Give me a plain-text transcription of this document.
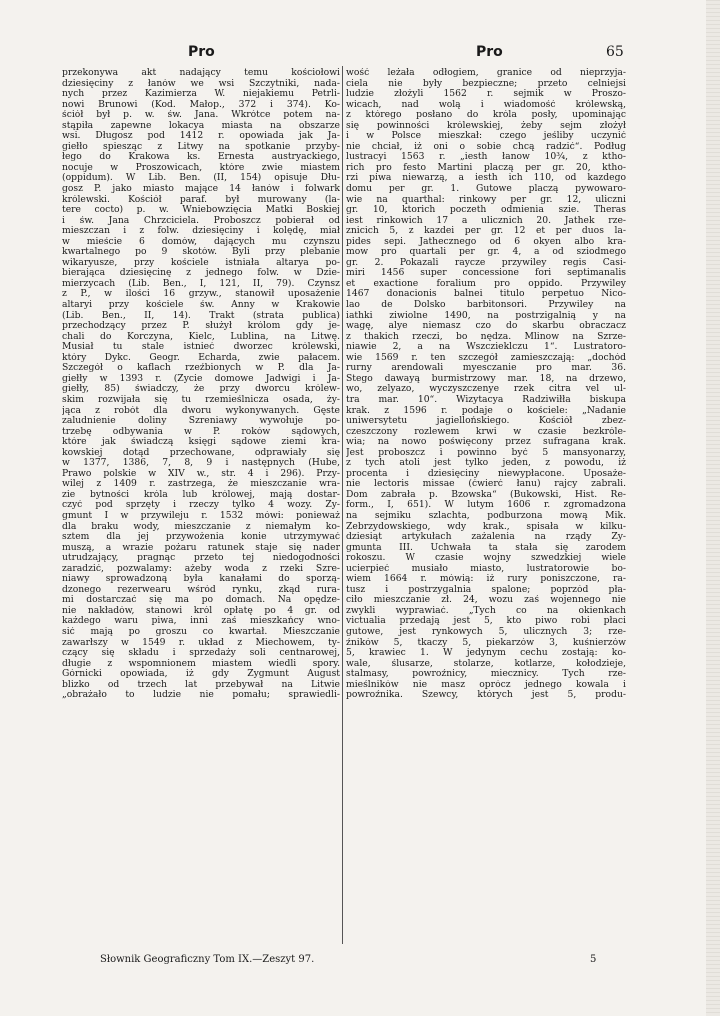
Pro	Pro	65
przekonywa akt nadający temu kościołowi
dziesięciny z łanów we wsi Szczytniki, nada-
nych przez Kazimierza W. niejakiemu Petrli-
nowi Brunowi (Kod. Małop., 372 i 374). Ko-
ściół był p. w. św. Jana. Wkrótce potem na-
stąpiła zapewne lokacya miasta na obszarze
wsi. Długosz pod 1412 r. opowiada jak Ja-
giełło spiesząc z Litwy na spotkanie przyby-
łego do Krakowa ks. Ernesta austryackiego,
nocuje w Proszowicach, które zwie miastem
(oppidum). W Lib. Ben. (II, 154) opisuje Dłu-
gosz P. jako miasto mające 14 łanów i folwark
królewski. Kościół paraf. był murowany (la-
tere cocto) p. w. Wniebowzięcia Matki Boskiej
i św. Jana Chrzciciela. Proboszcz pobierał od
mieszczan i z folw. dziesięciny i kolędę, miał
w mieście 6 domów, dających mu czynszu
kwartalnego po 9 skotów. Byli przy plebanie
wikaryusze, przy kościele istniała altarya po-
bierająca dziesięcinę z jednego folw. w Dzie-
mierzycach (Lib. Ben., I, 121, II, 79). Czynsz
z P., w ilości 16 grzyw., stanowił uposażenie
altaryi przy kościele św. Anny w Krakowie
(Lib. Ben., II, 14). Trakt (strata publica)
przechodzący przez P. służył królom gdy je-
chali do Korczyna, Kielc, Lublina, na Litwę.
Musiał tu stale istnieć dworzec królewski,
który Dykc. Geogr. Echarda, zwie pałacem.
Szczegół o kaflach rzeźbionych w P. dla Ja-
giełły w 1393 r. (Życie domowe Jadwigi i Ja-
giełły, 85) świadczy, że przy dworcu królew-
skim rozwijała się tu rzemieślnicza osada, ży-
jąca z robót dla dworu wykonywanych. Gęste
zaludnienie doliny Szreniawy wywołuje po-
trzebę odbywania w P. roków sądowych,
które jak świadczą księgi sądowe ziemi kra-
kowskiej dotąd przechowane, odprawiały się
w 1377, 1386, 7, 8, 9 i następnych (Hube,
Prawo polskie w XIV w., str. 4 i 296). Przy-
wilej z 1409 r. zastrzega, że mieszczanie wra-
zie bytności króla lub królowej, mają dostar-
czyć pod sprzęty i rzeczy tylko 4 wozy. Zy-
gmunt I w przywileju r. 1532 mówi: ponieważ
dla braku wody, mieszczanie z niemałym ko-
sztem dla jej przywożenia konie utrzymywać
muszą, a wrazie pożaru ratunek staje się nader
utrudzający, pragnąc przeto tej niedogodności
zaradzić, pozwalamy: ażeby woda z rzeki Szre-
niawy sprowadzoną była kanałami do sporzą-
dzonego rezerwearu wśród rynku, zkąd rura-
mi dostarczać się ma po domach. Na opędze-
nie nakładów, stanowi król opłatę po 4 gr. od
każdego waru piwa, inni zaś mieszkańcy wno-
sić mają po groszu co kwartał. Mieszczanie
zawarłszy w 1549 r. układ z Miechowem, ty-
czący się składu i sprzedaży soli centnarowej,
długie z wspomnionem miastem wiedli spory.
Górnicki opowiada, iż gdy Zygmunt August
blizko od trzech lat przebywał na Litwie
„obrażało to ludzie nie pomału; sprawiedli-
wość leżała odłogiem, granice od nieprzyja-
ciela nie były bezpieczne; przeto celniejsi
ludzie złożyli 1562 r. sejmik w Proszo-
wicach, nad wolą i wiadomość królewską,
z którego posłano do króla posły, upominając
się powinności królewskiej, żeby sejm złożył
i w Polsce mieszkał: czego jeśliby uczynić
nie chciał, iż oni o sobie chcą radzić“. Podług
lustracyi 1563 r. „iesth łanow 10¾, z ktho-
rich pro festo Martini placzą per gr. 20, ktho-
rzi piwa niewarzą, a iesth ich 110, od kazdego
domu per gr. 1. Gutowe placzą pywowaro-
wie na quarthal: rinkowy per gr. 12, uliczni
gr. 10, ktorich poczeth odmienia szie. Theras
iest rinkowich 17 a ulicznich 20. Jathek rze-
znicich 5, z kazdei per gr. 12 et per duos la-
pides sepi. Jathecznego od 6 okyen albo kra-
mow pro quartali per gr. 4, a od sziodmego
gr. 2. Pokazali raycze przywiley regis Casi-
miri 1456 super concessione fori septimanalis
et exactione foralium pro oppido. Przywiley
1467 donacionis balnei titulo perpetuo Nico-
lao de Dolsko barbitonsori. Przywiley na
iathki ziwiolne 1490, na postrzigalnią y na
wagę, alye niemasz czo do skarbu obraczacz
z thakich rzeczi, bo nędza. Mlinow na Szrze-
niawie 2, a na Wszczieklczu 1“. Lustratoro-
wie 1569 r. ten szczegół zamieszczają: „dochód
rurny arendowali myesczanie pro mar. 36.
Stego dawayą burmistrzowy mar. 18, na drzewo,
wo, zelyazo, wyczyszczenye rzek citra vel ul-
tra mar. 10“. Wizytacya Radziwiłła biskupa
krak. z 1596 r. podaje o kościele: „Nadanie
uniwersytetu jagiellońskiego. Kościół zbez-
czeszczony rozlewem krwi w czasie bezkróle-
wia; na nowo poświęcony przez sufragana krak.
Jest proboszcz i powinno być 5 mansyonarzy,
z tych atoli jest tylko jeden, z powodu, iż
procenta i dziesięciny niewypłacone. Uposaże-
nie lectoris missae (ćwierć łanu) rajcy zabrali.
Dom zabrała p. Bzowska“ (Bukowski, Hist. Re-
form., I, 651). W lutym 1606 r. zgromadzona
na sejmiku szlachta, podburzona mową Mik.
Zebrzydowskiego, wdy krak., spisała w kilku-
dziesiąt artykułach zażalenia na rządy Zy-
gmunta III. Uchwała ta stała się zarodem
rokoszu. W czasie wojny szwedzkiej wiele
ucierpieć musiało miasto, lustratorowie bo-
wiem 1664 r. mówią: iż rury poniszczone, ra-
tusz i postrzygalnia spalone; poprzód pła-
ciło mieszczanie zł. 24, wozu zaś wojennego nie
zwykli wyprawiać. „Tych co na okienkach
victualia przedają jest 5, kto piwo robi płaci
gutowe, jest rynkowych 5, ulicznych 3; rze-
źników 5, tkaczy 5, piekarzów 3, kuśnierzów
5, krawiec 1. W jedynym cechu zostają: ko-
wale, ślusarze, stolarze, kotlarze, kołodzieje,
stalmasy, powroźnicy, miecznicy. Tych rze-
mieślników nie masz oprócz jednego kowala i
powroźnika. Szewcy, których jest 5, produ-
Słownik Geograficzny Tom IX.—Zeszyt 97.	5
